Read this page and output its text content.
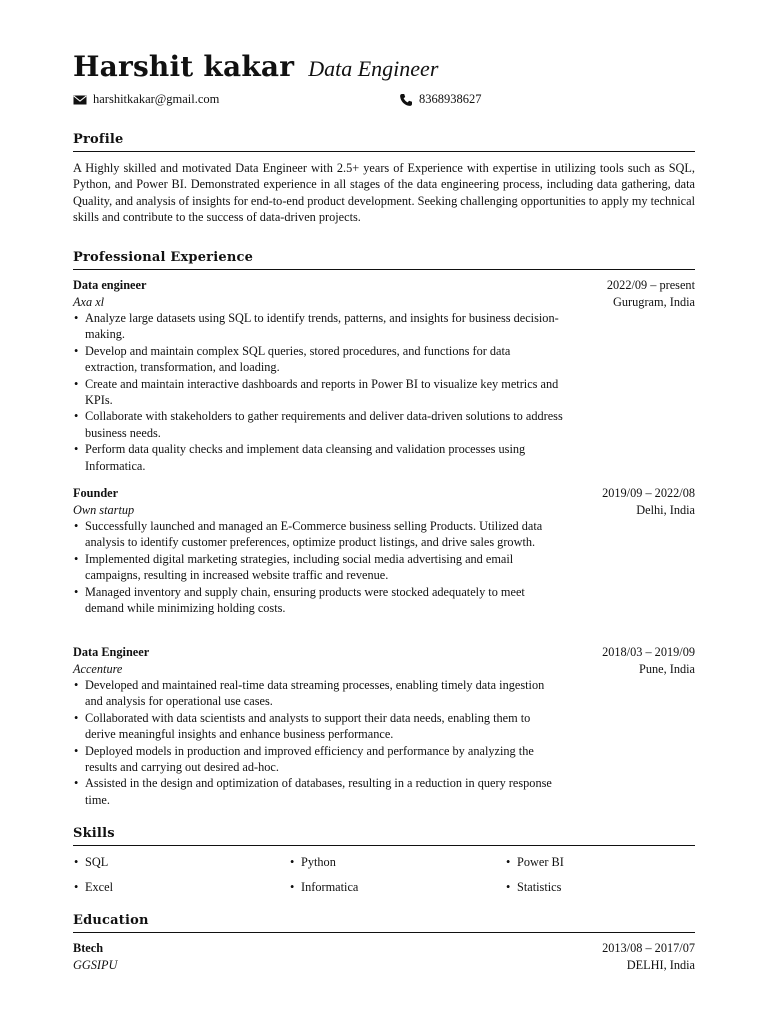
Harshit kakar Data Engineer
harshitkakar@gmail.com	8368938627
Profile
A Highly skilled and motivated Data Engineer with 2.5+ years of Experience with expertise in utilizing tools such as SQL, Python, and Power BI. Demonstrated experience in all stages of the data engineering process, including data gathering, data Quality, and analysis of insights for end-to-end product development. Seeking challenging opportunities to apply my technical skills and contribute to the success of data-driven projects.
Professional Experience
Data engineer	2022/09 – present
Axa xl	Gurugram, India
• Analyze large datasets using SQL to identify trends, patterns, and insights for business decision-making.
• Develop and maintain complex SQL queries, stored procedures, and functions for data extraction, transformation, and loading.
• Create and maintain interactive dashboards and reports in Power BI to visualize key metrics and KPIs.
• Collaborate with stakeholders to gather requirements and deliver data-driven solutions to address business needs.
• Perform data quality checks and implement data cleansing and validation processes using Informatica.
Founder	2019/09 – 2022/08
Own startup	Delhi, India
• Successfully launched and managed an E-Commerce business selling Products. Utilized data analysis to identify customer preferences, optimize product listings, and drive sales growth.
• Implemented digital marketing strategies, including social media advertising and email campaigns, resulting in increased website traffic and revenue.
• Managed inventory and supply chain, ensuring products were stocked adequately to meet demand while minimizing holding costs.
Data Engineer	2018/03 – 2019/09
Accenture	Pune, India
• Developed and maintained real-time data streaming processes, enabling timely data ingestion and analysis for operational use cases.
• Collaborated with data scientists and analysts to support their data needs, enabling them to derive meaningful insights and enhance business performance.
• Deployed models in production and improved efficiency and performance by analyzing the results and carrying out desired ad-hoc.
• Assisted in the design and optimization of databases, resulting in a reduction in query response time.
Skills
• SQL	• Python	• Power BI
• Excel	• Informatica	• Statistics
Education
Btech	2013/08 – 2017/07
GGSIPU	DELHI, India
